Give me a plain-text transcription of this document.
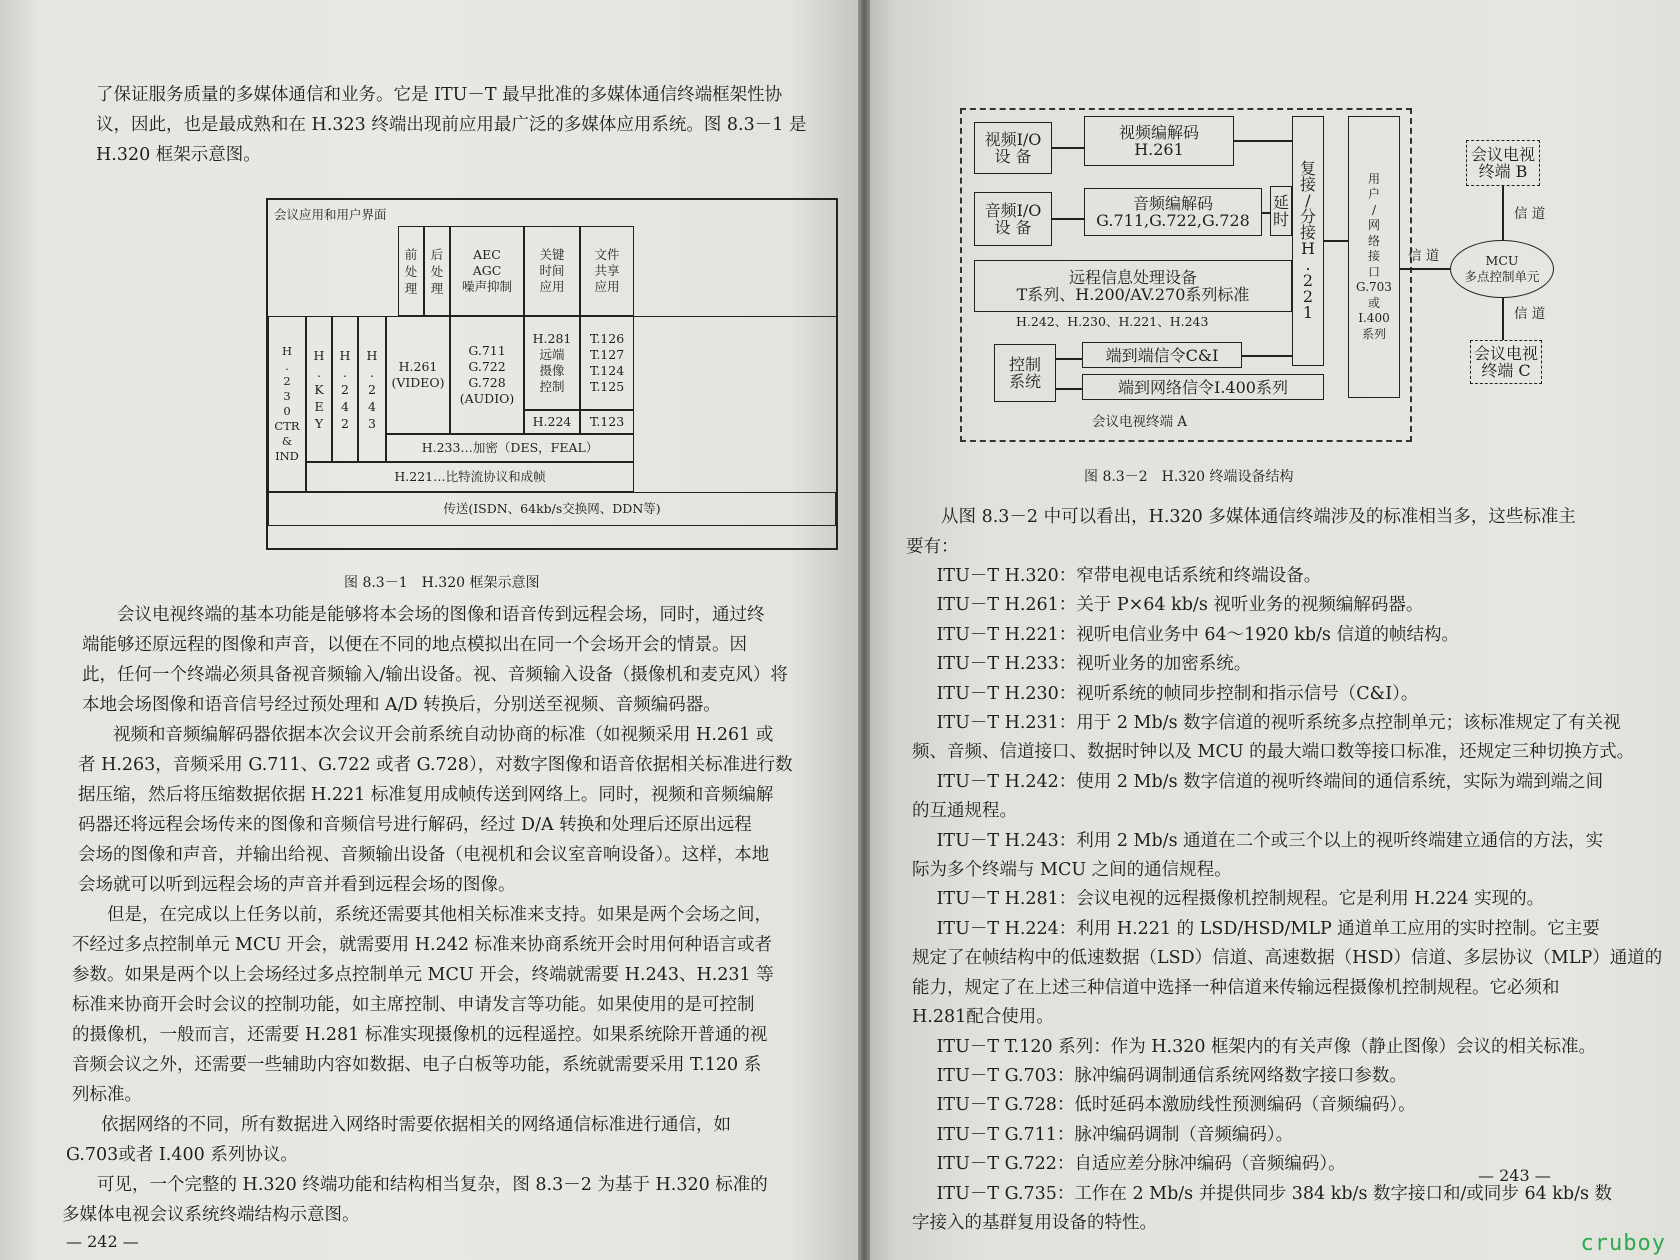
了保证服务质量的多媒体通信和业务。它是 ITU－T 最早批准的多媒体通信终端框架性协

议，因此，也是最成熟和在 H.323 终端出现前应用最广泛的多媒体应用系统。图 8.3－1 是

H.320 框架示意图。

会议应用和用户界面
前
处
理
后
处
理
AEC
AGC
噪声抑制
关键
时间
应用
文件
共享
应用
H
.
2
3
0
CTR
&
IND
H
.
K
E
Y
H
.
2
4
2
H
.
2
4
3
H.261
(VIDEO)
G.711
G.722
G.728
(AUDIO)
H.281
远端
摄像
控制
T.126
T.127
T.124
T.125
H.224	T.123
H.233…加密（DES，FEAL）
H.221…比特流协议和成帧
传送(ISDN、64kb/s交换网、DDN等)
图 8.3－1　H.320 框架示意图

会议电视终端的基本功能是能够将本会场的图像和语音传到远程会场，同时，通过终

端能够还原远程的图像和声音，以便在不同的地点模拟出在同一个会场开会的情景。因

此，任何一个终端必须具备视音频输入/输出设备。视、音频输入设备（摄像机和麦克风）将

本地会场图像和语音信号经过预处理和 A/D 转换后，分别送至视频、音频编码器。

视频和音频编解码器依据本次会议开会前系统自动协商的标准（如视频采用 H.261 或

者 H.263，音频采用 G.711、G.722 或者 G.728），对数字图像和语音依据相关标准进行数

据压缩，然后将压缩数据依据 H.221 标准复用成帧传送到网络上。同时，视频和音频编解

码器还将远程会场传来的图像和音频信号进行解码，经过 D/A 转换和处理后还原出远程

会场的图像和声音，并输出给视、音频输出设备（电视机和会议室音响设备）。这样，本地

会场就可以听到远程会场的声音并看到远程会场的图像。

但是，在完成以上任务以前，系统还需要其他相关标准来支持。如果是两个会场之间，

不经过多点控制单元 MCU 开会，就需要用 H.242 标准来协商系统开会时用何种语言或者

参数。如果是两个以上会场经过多点控制单元 MCU 开会，终端就需要 H.243、H.231 等

标准来协商开会时会议的控制功能，如主席控制、申请发言等功能。如果使用的是可控制

的摄像机，一般而言，还需要 H.281 标准实现摄像机的远程遥控。如果系统除开普通的视

音频会议之外，还需要一些辅助内容如数据、电子白板等功能，系统就需要采用 T.120 系

列标准。

依据网络的不同，所有数据进入网络时需要依据相关的网络通信标准进行通信，如

G.703或者 I.400 系列协议。

可见，一个完整的 H.320 终端功能和结构相当复杂，图 8.3－2 为基于 H.320 标准的

多媒体电视会议系统终端结构示意图。

— 242 —
视频I/O
设 备
视频编解码
H.261
音频I/O
设 备
音频编解码
G.711,G.722,G.728
延
时
远程信息处理设备
T系列、H.200/AV.270系列标准
H.242、H.230、H.221、H.243
控制
系统
端到端信令C&I
端到网络信令I.400系列
会议电视终端 A
复
接
/
分
接
H
.
2
2
1
用
户
/
网
络
接
口
G.703
或
I.400
系列
信 道	MCU
多点控制单元
信 道
会议电视
终端 B
信 道
会议电视
终端 C
图 8.3－2　H.320 终端设备结构

从图 8.3－2 中可以看出，H.320 多媒体通信终端涉及的标准相当多，这些标准主

要有：

ITU－T H.320：窄带电视电话系统和终端设备。

ITU－T H.261：关于 P×64 kb/s 视听业务的视频编解码器。

ITU－T H.221：视听电信业务中 64～1920 kb/s 信道的帧结构。

ITU－T H.233：视听业务的加密系统。

ITU－T H.230：视听系统的帧同步控制和指示信号（C&I）。

ITU－T H.231：用于 2 Mb/s 数字信道的视听系统多点控制单元；该标准规定了有关视

频、音频、信道接口、数据时钟以及 MCU 的最大端口数等接口标准，还规定三种切换方式。

ITU－T H.242：使用 2 Mb/s 数字信道的视听终端间的通信系统，实际为端到端之间

的互通规程。

ITU－T H.243：利用 2 Mb/s 通道在二个或三个以上的视听终端建立通信的方法，实

际为多个终端与 MCU 之间的通信规程。

ITU－T H.281：会议电视的远程摄像机控制规程。它是利用 H.224 实现的。

ITU－T H.224：利用 H.221 的 LSD/HSD/MLP 通道单工应用的实时控制。它主要

规定了在帧结构中的低速数据（LSD）信道、高速数据（HSD）信道、多层协议（MLP）通道的

能力，规定了在上述三种信道中选择一种信道来传输远程摄像机控制规程。它必须和

H.281配合使用。

ITU－T T.120 系列：作为 H.320 框架内的有关声像（静止图像）会议的相关标准。

ITU－T G.703：脉冲编码调制通信系统网络数字接口参数。

ITU－T G.728：低时延码本激励线性预测编码（音频编码）。

ITU－T G.711：脉冲编码调制（音频编码）。

ITU－T G.722：自适应差分脉冲编码（音频编码）。

ITU－T G.735：工作在 2 Mb/s 并提供同步 384 kb/s 数字接口和/或同步 64 kb/s 数

字接入的基群复用设备的特性。

— 243 —
cruboy
